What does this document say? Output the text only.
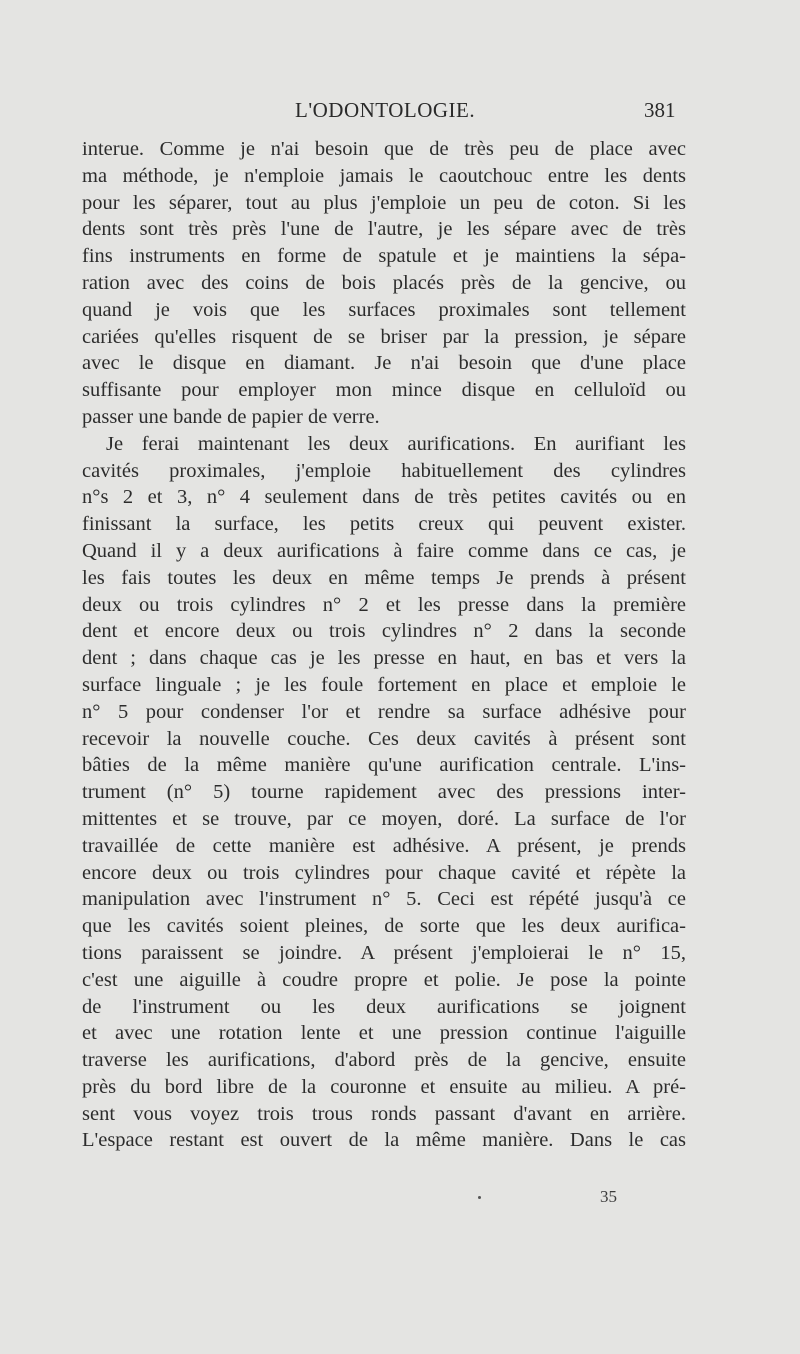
L'ODONTOLOGIE.	381
interue. Comme je n'ai besoin que de très peu de place avec
ma méthode, je n'emploie jamais le caoutchouc entre les dents
pour les séparer, tout au plus j'emploie un peu de coton. Si les
dents sont très près l'une de l'autre, je les sépare avec de très
fins instruments en forme de spatule et je maintiens la sépa-
ration avec des coins de bois placés près de la gencive, ou
quand je vois que les surfaces proximales sont tellement
cariées qu'elles risquent de se briser par la pression, je sépare
avec le disque en diamant. Je n'ai besoin que d'une place
suffisante pour employer mon mince disque en celluloïd ou
passer une bande de papier de verre.
Je ferai maintenant les deux aurifications. En aurifiant les
cavités proximales, j'emploie habituellement des cylindres
n°s 2 et 3, n° 4 seulement dans de très petites cavités ou en
finissant la surface, les petits creux qui peuvent exister.
Quand il y a deux aurifications à faire comme dans ce cas, je
les fais toutes les deux en même temps Je prends à présent
deux ou trois cylindres n° 2 et les presse dans la première
dent et encore deux ou trois cylindres n° 2 dans la seconde
dent ; dans chaque cas je les presse en haut, en bas et vers la
surface linguale ; je les foule fortement en place et emploie le
n° 5 pour condenser l'or et rendre sa surface adhésive pour
recevoir la nouvelle couche. Ces deux cavités à présent sont
bâties de la même manière qu'une aurification centrale. L'ins-
trument (n° 5) tourne rapidement avec des pressions inter-
mittentes et se trouve, par ce moyen, doré. La surface de l'or
travaillée de cette manière est adhésive. A présent, je prends
encore deux ou trois cylindres pour chaque cavité et répète la
manipulation avec l'instrument n° 5. Ceci est répété jusqu'à ce
que les cavités soient pleines, de sorte que les deux aurifica-
tions paraissent se joindre. A présent j'emploierai le n° 15,
c'est une aiguille à coudre propre et polie. Je pose la pointe
de l'instrument ou les deux aurifications se joignent
et avec une rotation lente et une pression continue l'aiguille
traverse les aurifications, d'abord près de la gencive, ensuite
près du bord libre de la couronne et ensuite au milieu. A pré-
sent vous voyez trois trous ronds passant d'avant en arrière.
L'espace restant est ouvert de la même manière. Dans le cas
35
